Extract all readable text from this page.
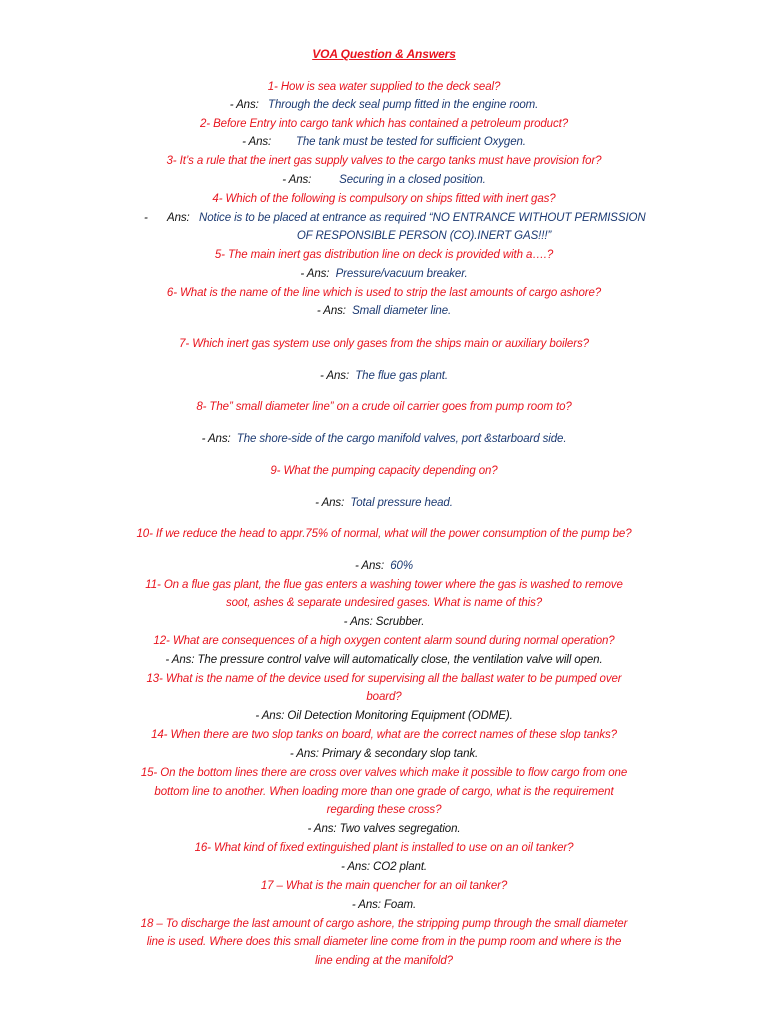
VOA Question & Answers
1- How is sea water supplied to the deck seal?
- Ans: Through the deck seal pump fitted in the engine room.
2- Before Entry into cargo tank which has contained a petroleum product?
- Ans: The tank must be tested for sufficient Oxygen.
3- It’s a rule that the inert gas supply valves to the cargo tanks must have provision for?
- Ans: Securing in a closed position.
4- Which of the following is compulsory on ships fitted with inert gas?
- Ans: Notice is to be placed at entrance as required “NO ENTRANCE WITHOUT PERMISSION
OF RESPONSIBLE PERSON (CO).INERT GAS!!!”
5- The main inert gas distribution line on deck is provided with a….?
- Ans: Pressure/vacuum breaker.
6- What is the name of the line which is used to strip the last amounts of cargo ashore?
- Ans: Small diameter line.
7- Which inert gas system use only gases from the ships main or auxiliary boilers?
- Ans: The flue gas plant.
8- The” small diameter line” on a crude oil carrier goes from pump room to?
- Ans: The shore-side of the cargo manifold valves, port &starboard side.
9- What the pumping capacity depending on?
- Ans: Total pressure head.
10- If we reduce the head to appr.75% of normal, what will the power consumption of the pump be?
- Ans: 60%
11- On a flue gas plant, the flue gas enters a washing tower where the gas is washed to remove
soot, ashes & separate undesired gases. What is name of this?
- Ans: Scrubber.
12- What are consequences of a high oxygen content alarm sound during normal operation?
- Ans: The pressure control valve will automatically close, the ventilation valve will open.
13- What is the name of the device used for supervising all the ballast water to be pumped over
board?
- Ans: Oil Detection Monitoring Equipment (ODME).
14- When there are two slop tanks on board, what are the correct names of these slop tanks?
- Ans: Primary & secondary slop tank.
15- On the bottom lines there are cross over valves which make it possible to flow cargo from one
bottom line to another. When loading more than one grade of cargo, what is the requirement
regarding these cross?
- Ans: Two valves segregation.
16- What kind of fixed extinguished plant is installed to use on an oil tanker?
- Ans: CO2 plant.
17 – What is the main quencher for an oil tanker?
- Ans: Foam.
18 – To discharge the last amount of cargo ashore, the stripping pump through the small diameter
line is used. Where does this small diameter line come from in the pump room and where is the
line ending at the manifold?
